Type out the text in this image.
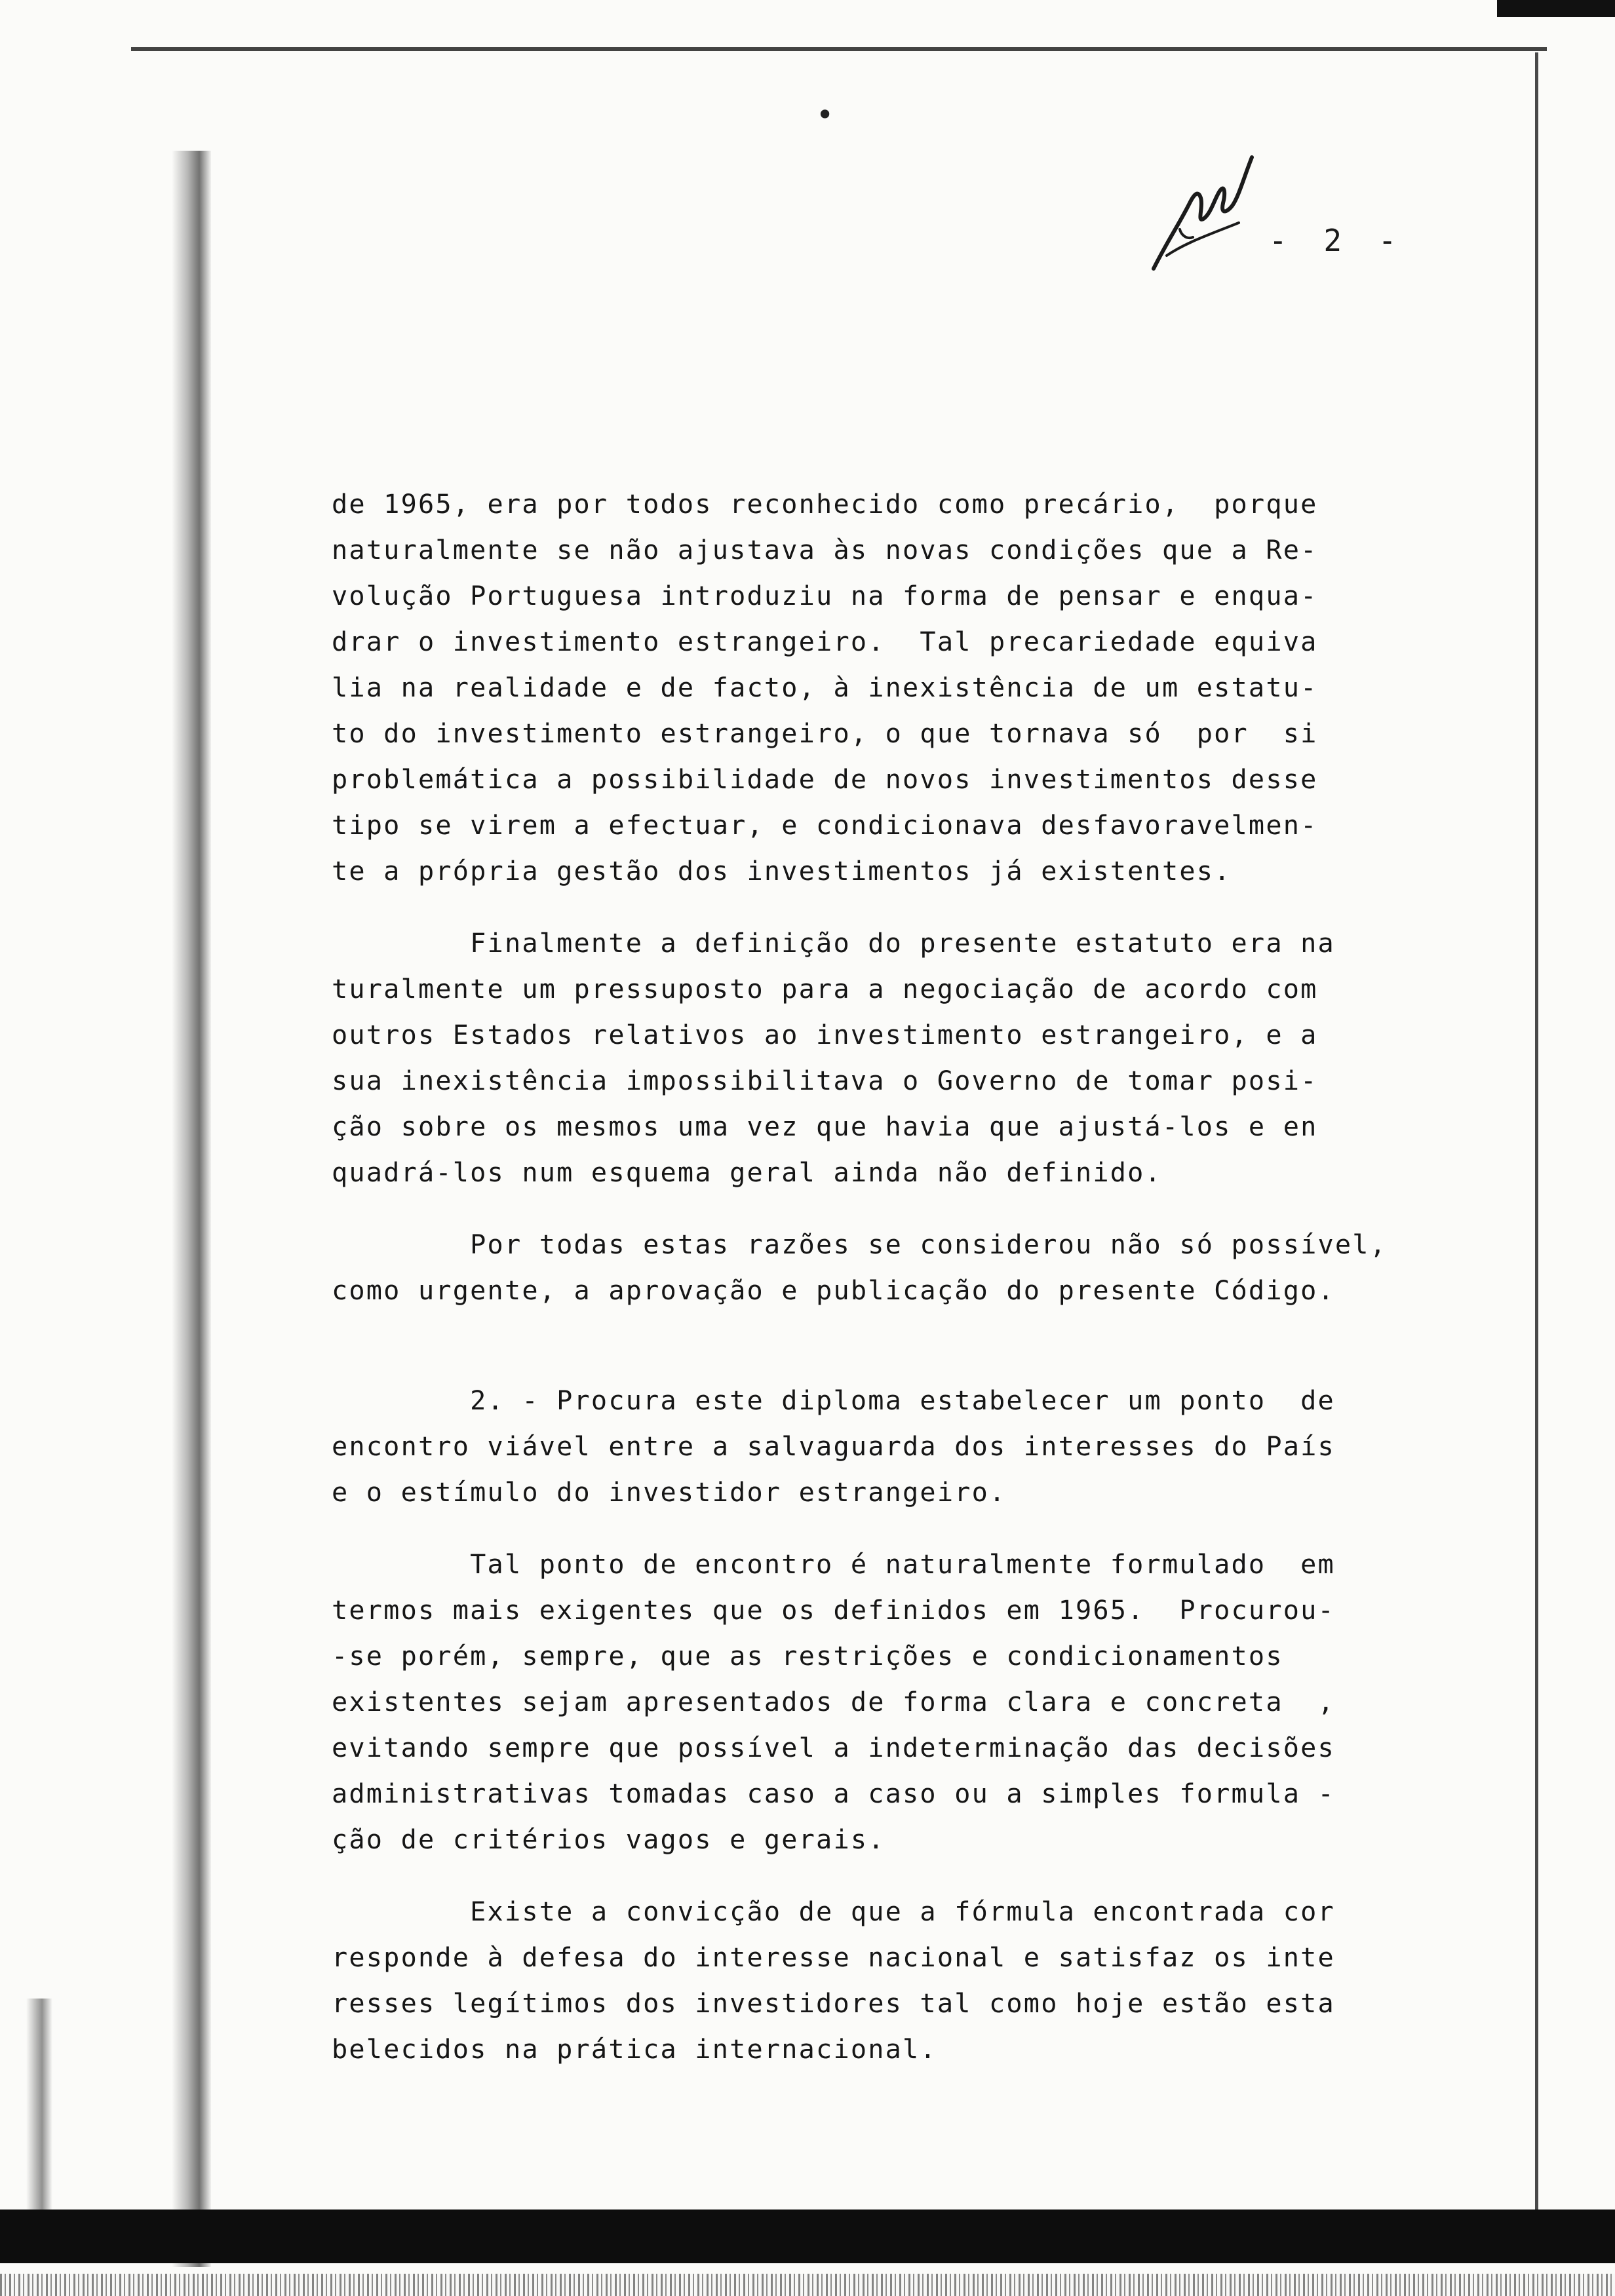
•
- 2 -
de 1965, era por todos reconhecido como precário,  porque
naturalmente se não ajustava às novas condições que a Re-
volução Portuguesa introduziu na forma de pensar e enqua-
drar o investimento estrangeiro.  Tal precariedade equiva
lia na realidade e de facto, à inexistência de um estatu-
to do investimento estrangeiro, o que tornava só  por  si
problemática a possibilidade de novos investimentos desse
tipo se virem a efectuar, e condicionava desfavoravelmen-
te a própria gestão dos investimentos já existentes.
Finalmente a definição do presente estatuto era na
turalmente um pressuposto para a negociação de acordo com
outros Estados relativos ao investimento estrangeiro, e a
sua inexistência impossibilitava o Governo de tomar posi-
ção sobre os mesmos uma vez que havia que ajustá-los e en
quadrá-los num esquema geral ainda não definido.
Por todas estas razões se considerou não só possível,
como urgente, a aprovação e publicação do presente Código.
2. - Procura este diploma estabelecer um ponto  de
encontro viável entre a salvaguarda dos interesses do País
e o estímulo do investidor estrangeiro.
Tal ponto de encontro é naturalmente formulado  em
termos mais exigentes que os definidos em 1965.  Procurou-
-se porém, sempre, que as restrições e condicionamentos
existentes sejam apresentados de forma clara e concreta  ,
evitando sempre que possível a indeterminação das decisões
administrativas tomadas caso a caso ou a simples formula -
ção de critérios vagos e gerais.
Existe a convicção de que a fórmula encontrada cor
responde à defesa do interesse nacional e satisfaz os inte
resses legítimos dos investidores tal como hoje estão esta
belecidos na prática internacional.
